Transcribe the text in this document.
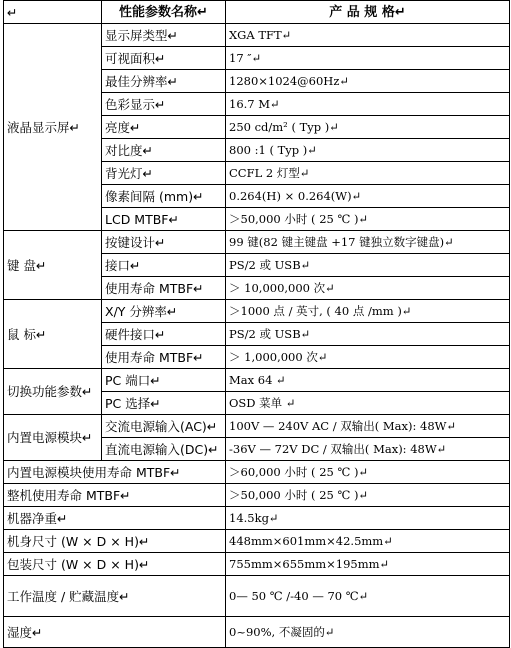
↵	性能参数名称↵	产 品 规 格↵
液晶显示屏↵	显示屏类型↵	XGA TFT↵
	可视面积↵	17 ″↵
	最佳分辨率↵	1280×1024@60Hz↵
	色彩显示↵	16.7 M↵
	亮度↵	250 cd/m² ( Typ )↵
	对比度↵	800 :1 ( Typ )↵
	背光灯↵	CCFL 2 灯型↵
	像素间隔 (mm)↵	0.264(H) × 0.264(W)↵
	LCD MTBF↵	＞50,000 小时 ( 25 ℃ )↵
键 盘↵	按键设计↵	99 键(82 键主键盘 +17 键独立数字键盘)↵
	接口↵	PS/2 或 USB↵
	使用寿命 MTBF↵	＞ 10,000,000 次↵
鼠 标↵	X/Y 分辨率↵	＞1000 点 / 英寸, ( 40 点 /mm )↵
	硬件接口↵	PS/2 或 USB↵
	使用寿命 MTBF↵	＞ 1,000,000 次↵
切换功能参数↵	PC 端口↵	Max 64 ↵
	PC 选择↵	OSD 菜单 ↵
内置电源模块↵	交流电源输入(AC)↵	100V — 240V AC / 双输出( Max): 48W↵
	直流电源输入(DC)↵	-36V — 72V DC / 双输出( Max): 48W↵
内置电源模块使用寿命 MTBF↵		＞60,000 小时 ( 25 ℃ )↵
整机使用寿命 MTBF↵		＞50,000 小时 ( 25 ℃ )↵
机器净重↵		14.5kg↵
机身尺寸 (W × D × H)↵		448mm×601mm×42.5mm↵
包装尺寸 (W × D × H)↵		755mm×655mm×195mm↵
工作温度 / 贮藏温度↵		0— 50 ℃ /-40 — 70 ℃↵
湿度↵		0~90%, 不凝固的↵
